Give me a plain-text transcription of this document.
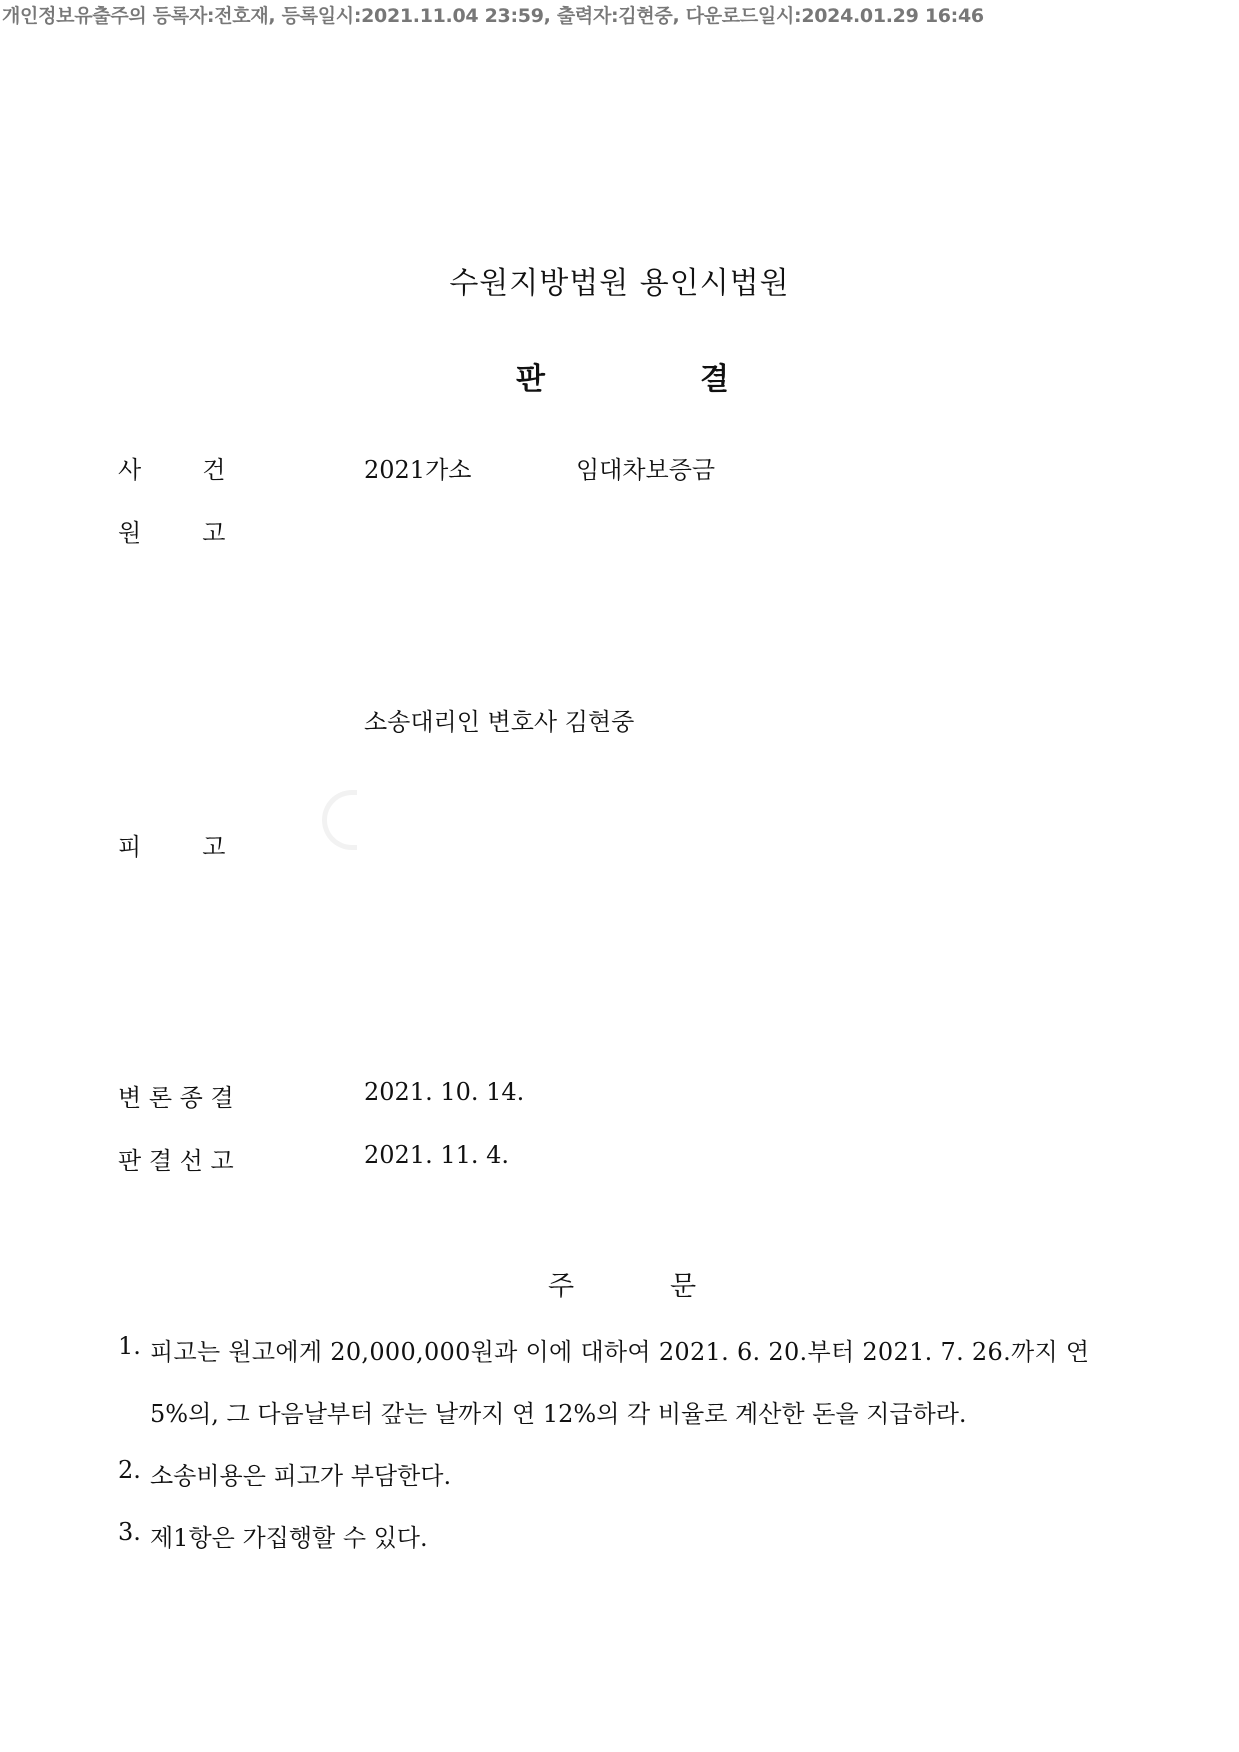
개인정보유출주의 등록자:전호재, 등록일시:2021.11.04 23:59, 출력자:김현중, 다운로드일시:2024.01.29 16:46
수원지방법원 용인시법원
판	결
사        건	2021가소	임대차보증금
원        고
소송대리인 변호사 김현중
피        고
변 론 종 결	2021. 10. 14.
판 결 선 고	2021. 11. 4.
주	문
1. 피고는 원고에게 20,000,000원과 이에 대하여 2021. 6. 20.부터 2021. 7. 26.까지 연
5%의, 그 다음날부터 갚는 날까지 연 12%의 각 비율로 계산한 돈을 지급하라.
2. 소송비용은 피고가 부담한다.
3. 제1항은 가집행할 수 있다.
